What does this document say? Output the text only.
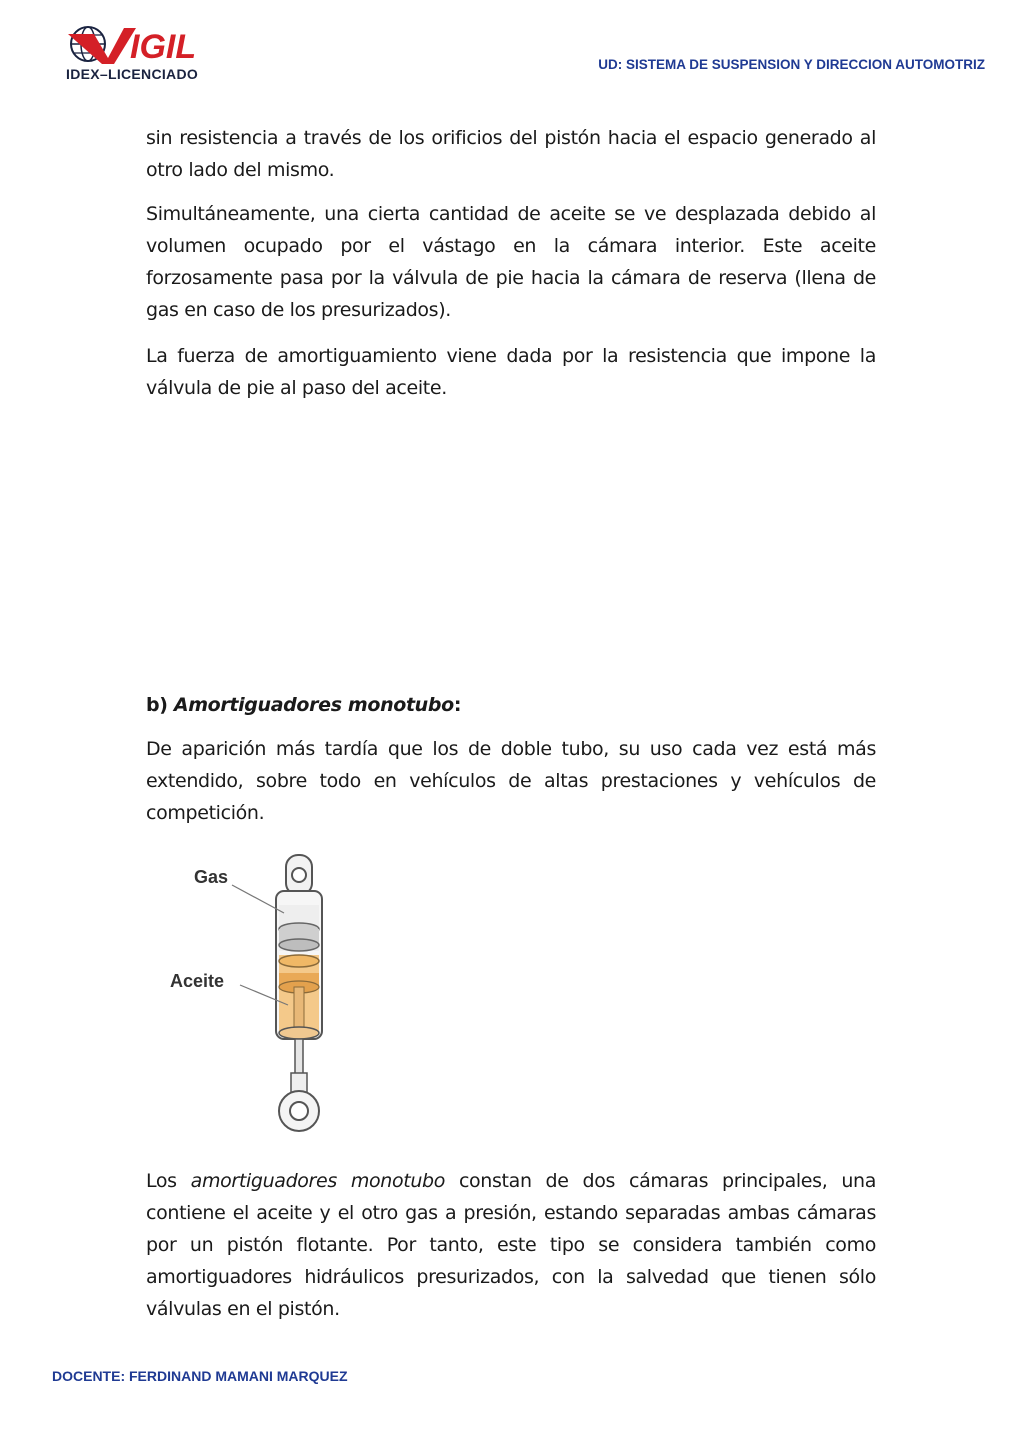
IGIL
IDEX–LICENCIADO
UD: SISTEMA DE SUSPENSION Y DIRECCION AUTOMOTRIZ

sin resistencia a través de los orificios del pistón hacia el espacio generado al otro lado del mismo.

Simultáneamente, una cierta cantidad de aceite se ve desplazada debido al volumen ocupado por el vástago en la cámara interior. Este aceite forzosamente pasa por la válvula de pie hacia la cámara de reserva (llena de gas en caso de los presurizados).

La fuerza de amortiguamiento viene dada por la resistencia que impone la válvula de pie al paso del aceite.

b) Amortiguadores monotubo:

De aparición más tardía que los de doble tubo, su uso cada vez está más extendido, sobre todo en vehículos de altas prestaciones y vehículos de competición.

Gas
Aceite

Los amortiguadores monotubo constan de dos cámaras principales, una contiene el aceite y el otro gas a presión, estando separadas ambas cámaras por un pistón flotante. Por tanto, este tipo se considera también como amortiguadores hidráulicos presurizados, con la salvedad que tienen sólo válvulas en el pistón.

DOCENTE: FERDINAND MAMANI MARQUEZ
